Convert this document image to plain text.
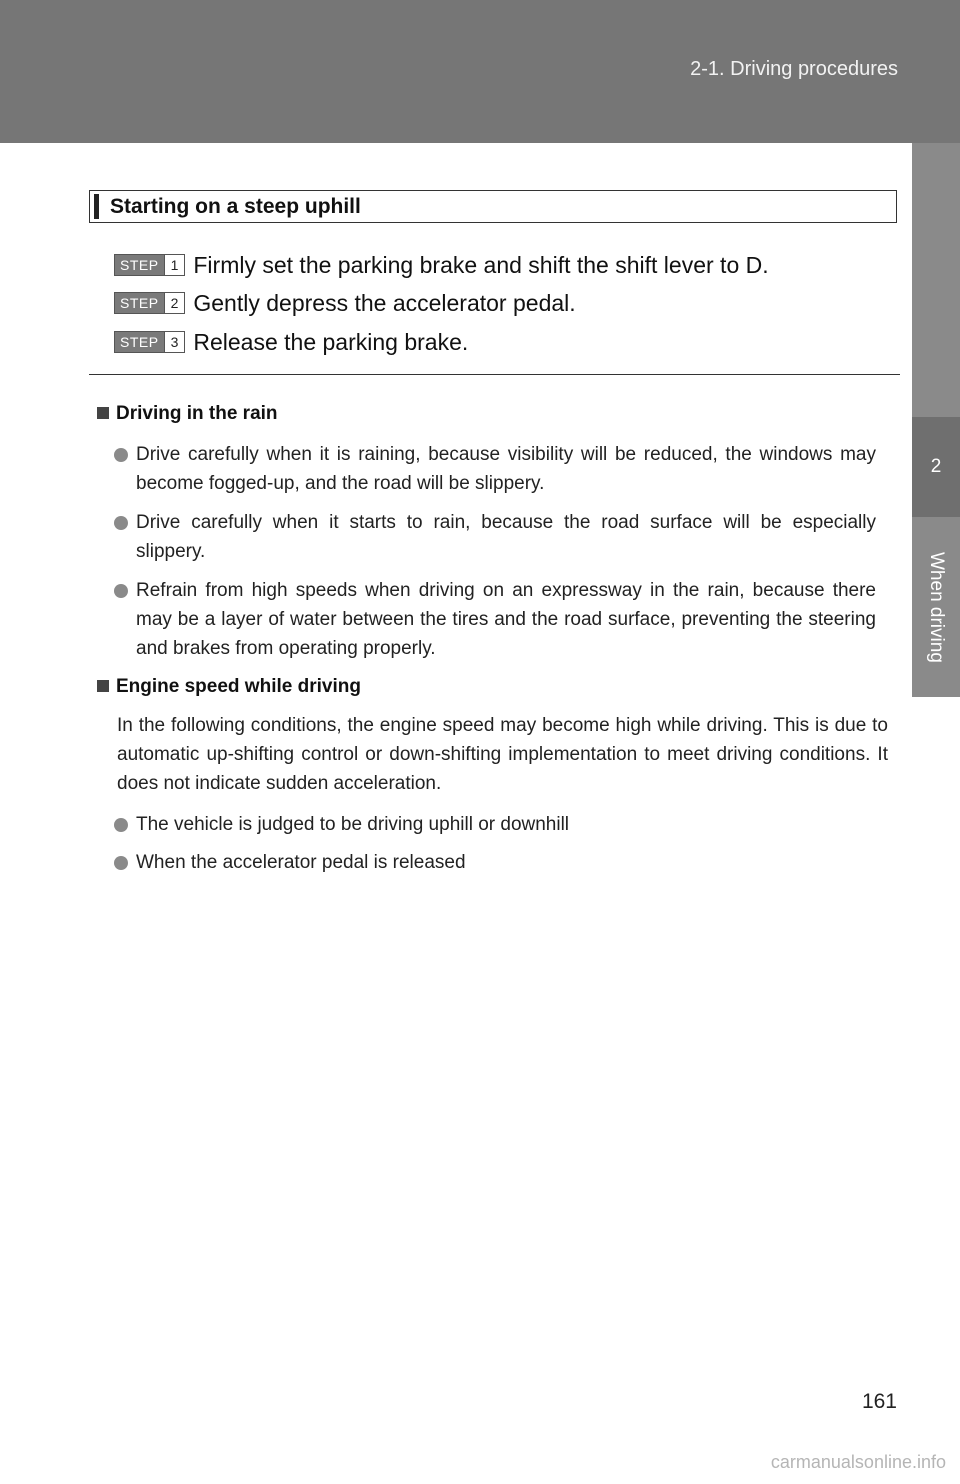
2-1. Driving procedures
2
When driving
Starting on a steep uphill
STEP 1 Firmly set the parking brake and shift the shift lever to D.
STEP 2 Gently depress the accelerator pedal.
STEP 3 Release the parking brake.
Driving in the rain
Drive carefully when it is raining, because visibility will be reduced, the windows may become fogged-up, and the road will be slippery.
Drive carefully when it starts to rain, because the road surface will be especially slippery.
Refrain from high speeds when driving on an expressway in the rain, because there may be a layer of water between the tires and the road surface, preventing the steering and brakes from operating properly.
Engine speed while driving
In the following conditions, the engine speed may become high while driving. This is due to automatic up-shifting control or down-shifting implementation to meet driving conditions. It does not indicate sudden acceleration.
The vehicle is judged to be driving uphill or downhill
When the accelerator pedal is released
161
carmanualsonline.info
